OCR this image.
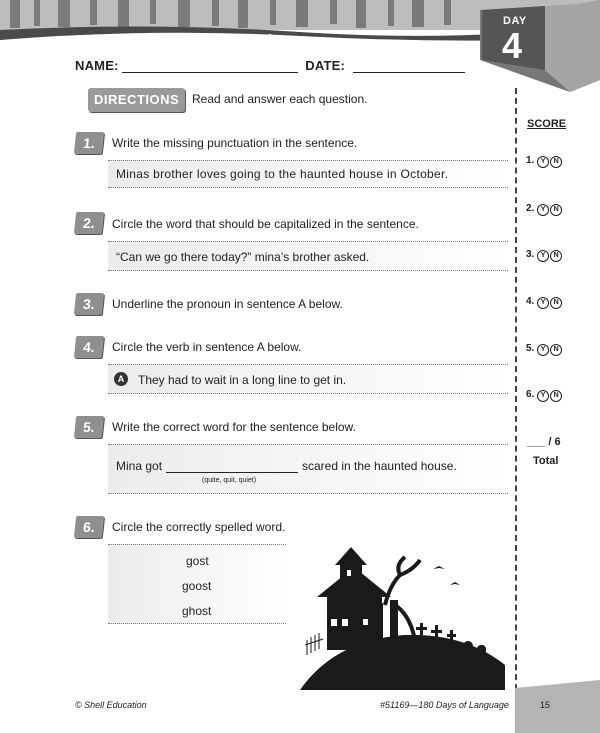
DAY
4
NAME:	DATE:
DIRECTIONS	Read and answer each question.
1.	Write the missing punctuation in the sentence.
Minas brother loves going to the haunted house in October.
2.	Circle the word that should be capitalized in the sentence.
“Can we go there today?” mina’s brother asked.
3.	Underline the pronoun in sentence A below.
4.	Circle the verb in sentence A below.
A	They had to wait in a long line to get in.
5.	Write the correct word for the sentence below.
Mina got	scared in the haunted house.
(quite, quit, quiet)
6.	Circle the correctly spelled word.
gost
goost
ghost
SCORE
1. Y N
2. Y N
3. Y N
4. Y N
5. Y N
6. Y N
___ / 6
Total
© Shell Education	#51169—180 Days of Language	15
